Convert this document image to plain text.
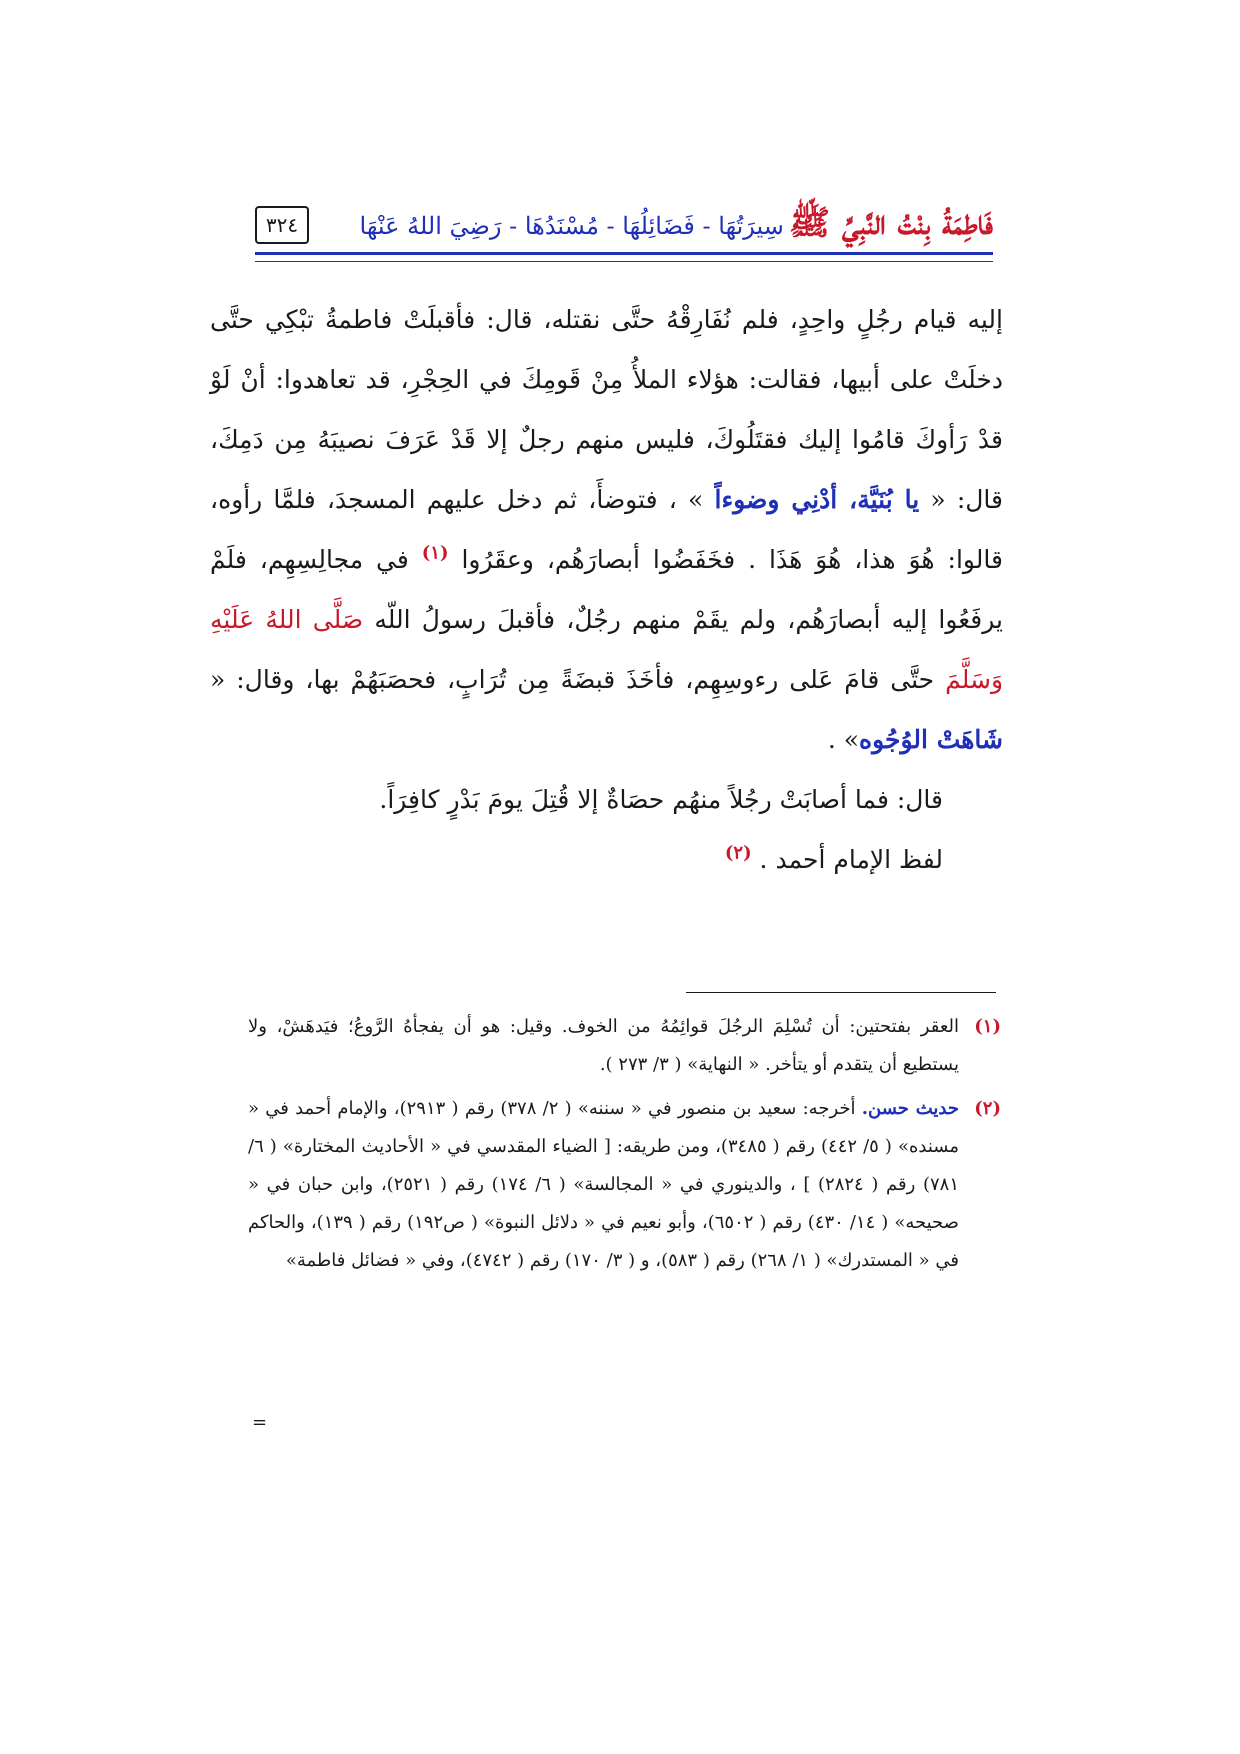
٣٢٤	فَاطِمَةُ بِنْتُ النَّبِيِّ ﷺ سِيرَتُهَا - فَضَائِلُهَا - مُسْنَدُهَا - رَضِيَ اللهُ عَنْهَا

إليه قيام رجُلٍ واحِدٍ، فلم نُفَارِقْهُ حتَّى نقتله، قال: فأقبلَتْ فاطمةُ تبْكِي حتَّى دخلَتْ على أبيها، فقالت: هؤلاء الملأُ مِنْ قَومِكَ في الحِجْرِ، قد تعاهدوا: أنْ لَوْ قدْ رَأوكَ قامُوا إليك فقتَلُوكَ، فليس منهم رجلٌ إلا قَدْ عَرَفَ نصيبَهُ مِن دَمِكَ، قال: « يا بُنَيَّة، أدْنِي وضوءاً » ، فتوضأَ، ثم دخل عليهم المسجدَ، فلمَّا رأوه، قالوا: هُوَ هذا، هُوَ هَذَا . فخَفَضُوا أبصارَهُم، وعقَرُوا $^{(١)}$ في مجالِسِهِم، فلَمْ يرفَعُوا إليه أبصارَهُم، ولم يقَمْ منهم رجُلٌ، فأقبلَ رسولُ اللّه صَلَّى اللهُ عَلَيْهِ وَسَلَّمَ حتَّى قامَ عَلى رءوسِهِم، فأخَذَ قبضَةً مِن تُرَابٍ، فحصَبَهُمْ بها، وقال: « شَاهَتْ الوُجُوه» .

قال: فما أصابَتْ رجُلاً منهُم حصَاةٌ إلا قُتِلَ يومَ بَدْرٍ كافِرَاً.

لفظ الإمام أحمد . $^{(٢)}$

(١)
العقر بفتحتين: أن تُسْلِمَ الرجُلَ قوائِمُهُ من الخوف. وقيل: هو أن يفجأهُ الرَّوعُ؛ فيَدهَشْ، ولا يستطيع أن يتقدم أو يتأخر. « النهاية» ( ٣/ ٢٧٣ ).

(٢)
حديث حسن. أخرجه: سعيد بن منصور في « سننه» ( ٢/ ٣٧٨) رقم ( ٢٩١٣)، والإمام أحمد في « مسنده» ( ٥/ ٤٤٢) رقم ( ٣٤٨٥)، ومن طريقه: [ الضياء المقدسي في « الأحاديث المختارة» ( ٦/ ٧٨١) رقم ( ٢٨٢٤) ] ، والدينوري في « المجالسة» ( ٦/ ١٧٤) رقم ( ٢٥٢١)، وابن حبان في « صحيحه» ( ١٤/ ٤٣٠) رقم ( ٦٥٠٢)، وأبو نعيم في « دلائل النبوة» ( ص١٩٢) رقم ( ١٣٩)، والحاكم في « المستدرك» ( ١/ ٢٦٨) رقم ( ٥٨٣)، و ( ٣/ ١٧٠) رقم ( ٤٧٤٢)، وفي « فضائل فاطمة»

=
